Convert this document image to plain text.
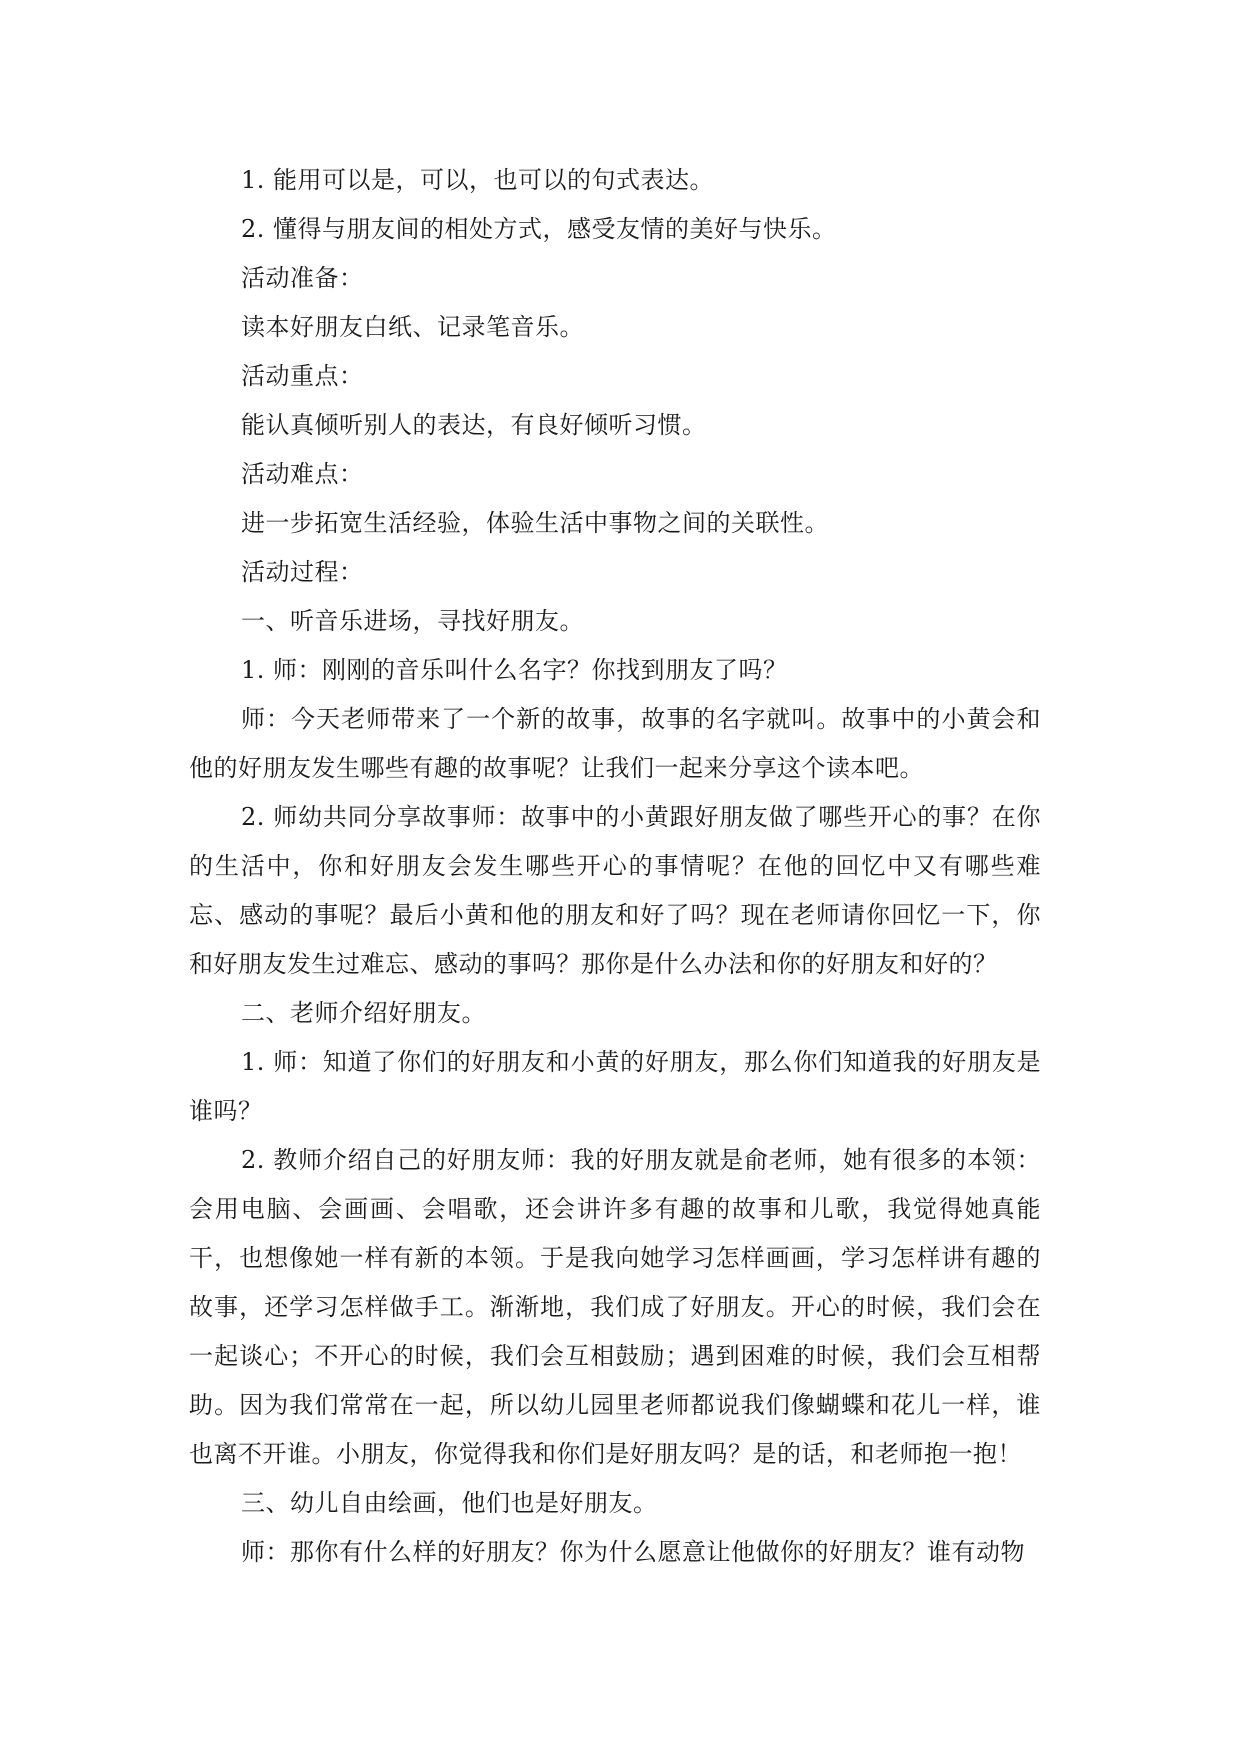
1. 能用可以是，可以，也可以的句式表达。

2. 懂得与朋友间的相处方式，感受友情的美好与快乐。

活动准备：

读本好朋友白纸、记录笔音乐。

活动重点：

能认真倾听别人的表达，有良好倾听习惯。

活动难点：

进一步拓宽生活经验，体验生活中事物之间的关联性。

活动过程：

一、听音乐进场，寻找好朋友。

1. 师：刚刚的音乐叫什么名字？你找到朋友了吗？

师：今天老师带来了一个新的故事，故事的名字就叫。故事中的小黄会和他的好朋友发生哪些有趣的故事呢？让我们一起来分享这个读本吧。

2. 师幼共同分享故事师：故事中的小黄跟好朋友做了哪些开心的事？在你的生活中，你和好朋友会发生哪些开心的事情呢？在他的回忆中又有哪些难忘、感动的事呢？最后小黄和他的朋友和好了吗？现在老师请你回忆一下，你和好朋友发生过难忘、感动的事吗？那你是什么办法和你的好朋友和好的？

二、老师介绍好朋友。

1. 师：知道了你们的好朋友和小黄的好朋友，那么你们知道我的好朋友是谁吗？

2. 教师介绍自己的好朋友师：我的好朋友就是俞老师，她有很多的本领：会用电脑、会画画、会唱歌，还会讲许多有趣的故事和儿歌，我觉得她真能干，也想像她一样有新的本领。于是我向她学习怎样画画，学习怎样讲有趣的故事，还学习怎样做手工。渐渐地，我们成了好朋友。开心的时候，我们会在一起谈心；不开心的时候，我们会互相鼓励；遇到困难的时候，我们会互相帮助。因为我们常常在一起，所以幼儿园里老师都说我们像蝴蝶和花儿一样，谁也离不开谁。小朋友，你觉得我和你们是好朋友吗？是的话，和老师抱一抱！

三、幼儿自由绘画，他们也是好朋友。

师：那你有什么样的好朋友？你为什么愿意让他做你的好朋友？谁有动物
